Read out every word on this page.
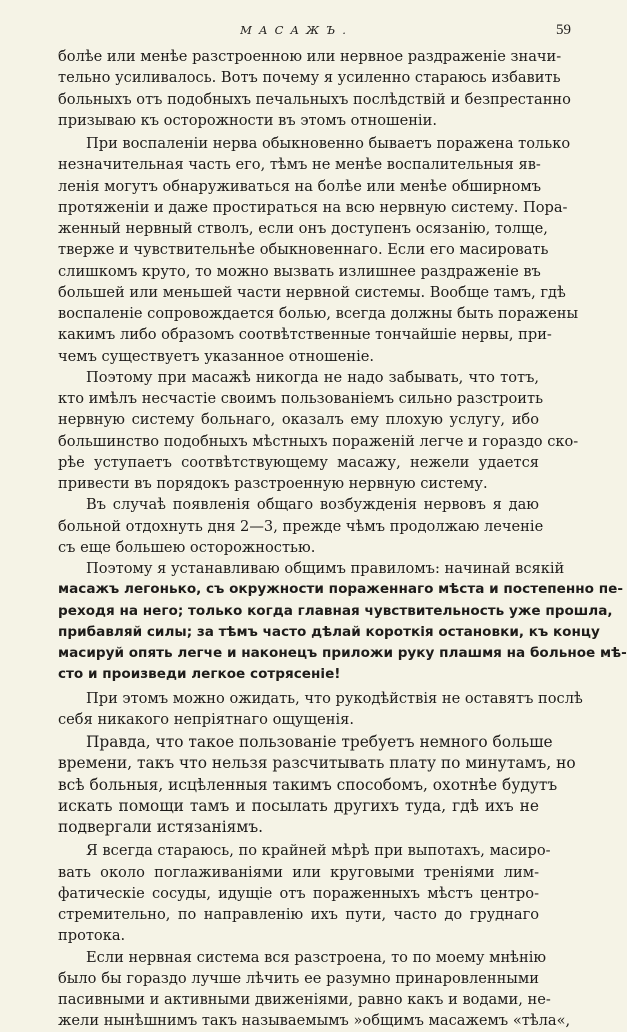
МАСАЖЪ.	59
болѣе или менѣе разстроенною или нервное раздраженіе значи-
тельно усиливалось. Вотъ почему я усиленно стараюсь избавить
больныхъ отъ подобныхъ печальныхъ послѣдствій и безпрестанно
призываю къ осторожности въ этомъ отношеніи.
При воспаленіи нерва обыкновенно бываетъ поражена только
незначительная часть его, тѣмъ не менѣе воспалительныя яв-
ленія могутъ обнаруживаться на болѣе или менѣе обширномъ
протяженіи и даже простираться на всю нервную систему. Пора-
женный нервный стволъ, если онъ доступенъ осязанію, толще,
тверже и чувствительнѣе обыкновеннаго. Если его масировать
слишкомъ круто, то можно вызвать излишнее раздраженіе въ
большей или меньшей части нервной системы. Вообще тамъ, гдѣ
воспаленіе сопровождается болью, всегда должны быть поражены
какимъ либо образомъ соотвѣтственные тончайшіе нервы, при-
чемъ существуетъ указанное отношеніе.
Поэтому при масажѣ никогда не надо забывать, что тотъ,
кто имѣлъ несчастіе своимъ пользованіемъ сильно разстроить
нервную систему больнаго, оказалъ ему плохую услугу, ибо
большинство подобныхъ мѣстныхъ пораженій легче и гораздо ско-
рѣе уступаетъ соотвѣтствующему масажу, нежели удается
привести въ порядокъ разстроенную нервную систему.
Въ случаѣ появленія общаго возбужденія нервовъ я даю
больной отдохнуть дня 2—3, прежде чѣмъ продолжаю леченіе
съ еще большею осторожностью.
Поэтому я устанавливаю общимъ правиломъ: начинай всякій
масажъ легонько, съ окружности пораженнаго мѣста и постепенно пе-
реходя на него; только когда главная чувствительность уже прошла,
прибавляй силы; за тѣмъ часто дѣлай короткія остановки, къ концу
масируй опять легче и наконецъ приложи руку плашмя на больное мѣ-
сто и произведи легкое сотрясеніе!
При этомъ можно ожидать, что рукодѣйствія не оставятъ послѣ
себя никакого непріятнаго ощущенія.
Правда, что такое пользованіе требуетъ немного больше
времени, такъ что нельзя разсчитывать плату по минутамъ, но
всѣ больныя, исцѣленныя такимъ способомъ, охотнѣе будутъ
искать помощи тамъ и посылать другихъ туда, гдѣ ихъ не
подвергали истязаніямъ.
Я всегда стараюсь, по крайней мѣрѣ при выпотахъ, масиро-
вать около поглаживаніями или круговыми треніями лим-
фатическіе сосуды, идущіе отъ пораженныхъ мѣстъ центро-
стремительно, по направленію ихъ пути, часто до груднаго
протока.
Если нервная система вся разстроена, то по моему мнѣнію
было бы гораздо лучше лѣчить ее разумно принаровленными
пасивными и активными движеніями, равно какъ и водами, не-
жели нынѣшнимъ такъ называемымъ »общимъ масажемъ «тѣла«,
